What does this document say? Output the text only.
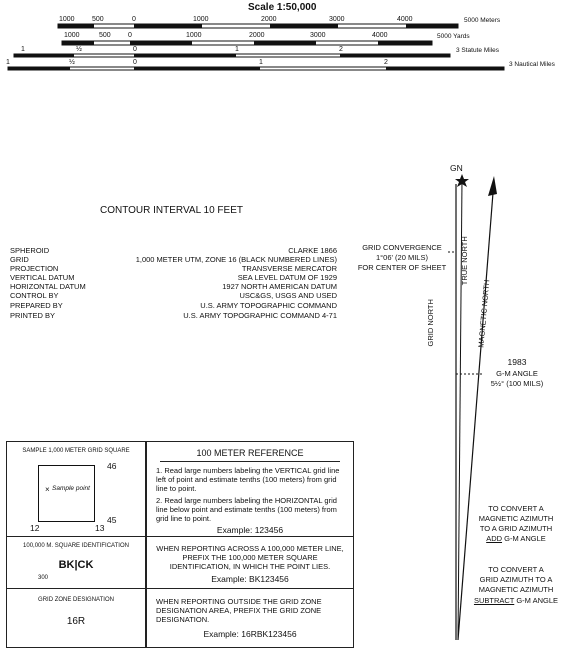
Scale 1:50,000
1000 500	0	1000	2000	3000	4000	5000 Meters
1000	500 0	1000	2000	3000	4000	5000 Yards
1	½	0	1	2	3 Statute Miles
1	½	0	1	2	3 Nautical Miles
CONTOUR INTERVAL 10 FEET
SPHEROID	CLARKE 1866
GRID	1,000 METER UTM, ZONE 16 (BLACK NUMBERED LINES)
PROJECTION	TRANSVERSE MERCATOR
VERTICAL DATUM	SEA LEVEL DATUM OF 1929
HORIZONTAL DATUM	1927 NORTH AMERICAN DATUM
CONTROL BY	USC&GS, USGS AND USED
PREPARED BY	U.S. ARMY TOPOGRAPHIC COMMAND
PRINTED BY	U.S. ARMY TOPOGRAPHIC COMMAND 4-71
GN
GRID CONVERGENCE
1°06' (20 MILS)
FOR CENTER OF SHEET
GRID NORTH
TRUE NORTH
MAGNETIC NORTH
1983
G-M ANGLE
5½° (100 MILS)
TO CONVERT A
MAGNETIC AZIMUTH
TO A GRID AZIMUTH
ADD G-M ANGLE
TO CONVERT A
GRID AZIMUTH TO A
MAGNETIC AZIMUTH
SUBTRACT G-M ANGLE
SAMPLE 1,000 METER GRID SQUARE
× Sample point
46
45
12	13
100,000 M. SQUARE IDENTIFICATION
BK|CK
300
GRID ZONE DESIGNATION
16R
100 METER REFERENCE
1. Read large numbers labeling the VERTICAL grid line left of point and estimate tenths (100 meters) from grid line to point.
2. Read large numbers labeling the HORIZONTAL grid line below point and estimate tenths (100 meters) from grid line to point.
Example: 123456
WHEN REPORTING ACROSS A 100,000 METER LINE, PREFIX THE 100,000 METER SQUARE IDENTIFICATION, IN WHICH THE POINT LIES.
Example: BK123456
WHEN REPORTING OUTSIDE THE GRID ZONE DESIGNATION AREA, PREFIX THE GRID ZONE DESIGNATION.
Example: 16RBK123456
